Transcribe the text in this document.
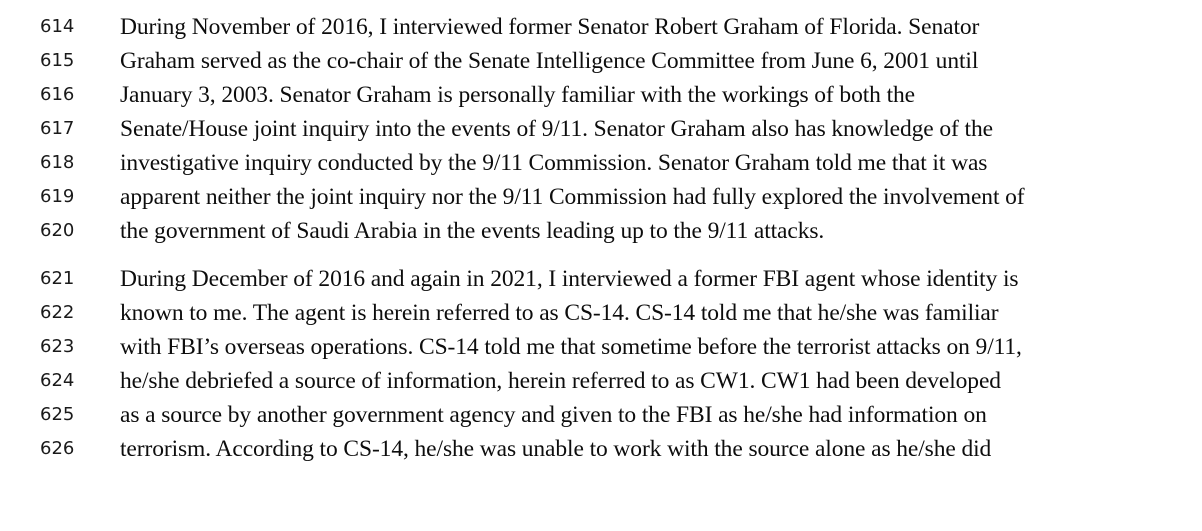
614	During November of 2016, I interviewed former Senator Robert Graham of Florida. Senator
615	Graham served as the co-chair of the Senate Intelligence Committee from June 6, 2001 until
616	January 3, 2003. Senator Graham is personally familiar with the workings of both the
617	Senate/House joint inquiry into the events of 9/11. Senator Graham also has knowledge of the
618	investigative inquiry conducted by the 9/11 Commission. Senator Graham told me that it was
619	apparent neither the joint inquiry nor the 9/11 Commission had fully explored the involvement of
620	the government of Saudi Arabia in the events leading up to the 9/11 attacks.
621	During December of 2016 and again in 2021, I interviewed a former FBI agent whose identity is
622	known to me. The agent is herein referred to as CS-14. CS-14 told me that he/she was familiar
623	with FBI’s overseas operations. CS-14 told me that sometime before the terrorist attacks on 9/11,
624	he/she debriefed a source of information, herein referred to as CW1. CW1 had been developed
625	as a source by another government agency and given to the FBI as he/she had information on
626	terrorism. According to CS-14, he/she was unable to work with the source alone as he/she did
